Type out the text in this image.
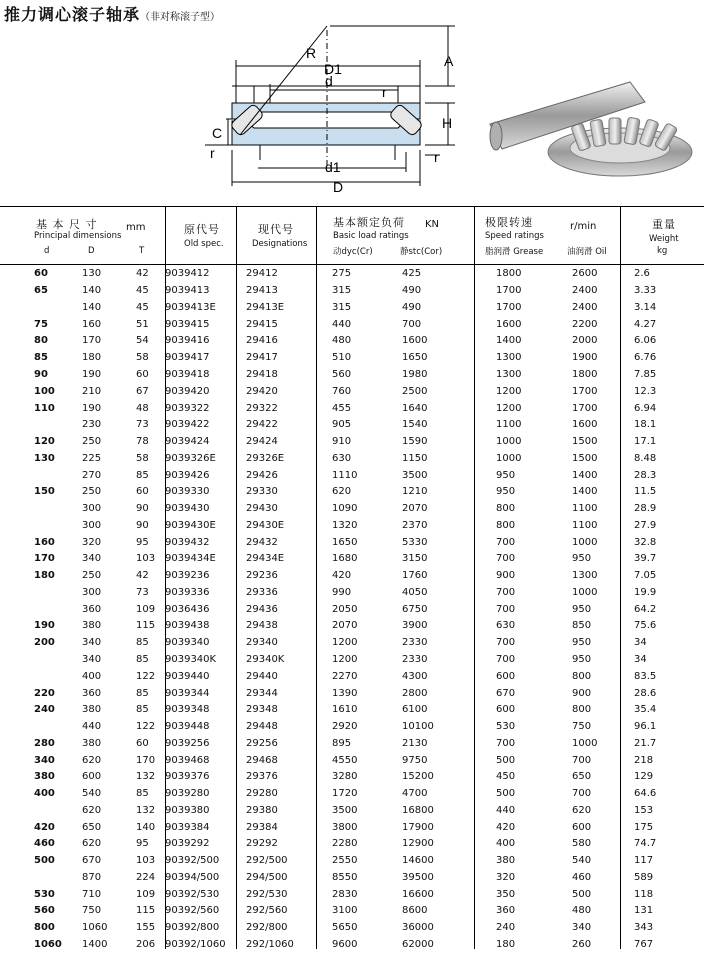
推力调心滚子轴承（非对称滚子型）
R
D1
d
r
A
H
C
r
d1
r
D
基 本 尺 寸	mm
Principal dimensions
d	D	T
原代号
Old spec.
现代号
Designations
基本额定负荷 KN
Basic load ratings
动dyc(Cr)	静stc(Cor)
极限转速	r/min
Speed ratings
脂润滑 Grease	油润滑 Oil
重量
Weight
kg
60	130	42	9039412	29412	275	425	1800	2600	2.6
65	140	45	9039413	29413	315	490	1700	2400	3.33
	140	45	9039413E	29413E	315	490	1700	2400	3.14
75	160	51	9039415	29415	440	700	1600	2200	4.27
80	170	54	9039416	29416	480	1600	1400	2000	6.06
85	180	58	9039417	29417	510	1650	1300	1900	6.76
90	190	60	9039418	29418	560	1980	1300	1800	7.85
100	210	67	9039420	29420	760	2500	1200	1700	12.3
110	190	48	9039322	29322	455	1640	1200	1700	6.94
	230	73	9039422	29422	905	1540	1100	1600	18.1
120	250	78	9039424	29424	910	1590	1000	1500	17.1
130	225	58	9039326E	29326E	630	1150	1000	1500	8.48
	270	85	9039426	29426	1110	3500	950	1400	28.3
150	250	60	9039330	29330	620	1210	950	1400	11.5
	300	90	9039430	29430	1090	2070	800	1100	28.9
	300	90	9039430E	29430E	1320	2370	800	1100	27.9
160	320	95	9039432	29432	1650	5330	700	1000	32.8
170	340	103	9039434E	29434E	1680	3150	700	950	39.7
180	250	42	9039236	29236	420	1760	900	1300	7.05
	300	73	9039336	29336	990	4050	700	1000	19.9
	360	109	9036436	29436	2050	6750	700	950	64.2
190	380	115	9039438	29438	2070	3900	630	850	75.6
200	340	85	9039340	29340	1200	2330	700	950	34
	340	85	9039340K	29340K	1200	2330	700	950	34
	400	122	9039440	29440	2270	4300	600	800	83.5
220	360	85	9039344	29344	1390	2800	670	900	28.6
240	380	85	9039348	29348	1610	6100	600	800	35.4
	440	122	9039448	29448	2920	10100	530	750	96.1
280	380	60	9039256	29256	895	2130	700	1000	21.7
340	620	170	9039468	29468	4550	9750	500	700	218
380	600	132	9039376	29376	3280	15200	450	650	129
400	540	85	9039280	29280	1720	4700	500	700	64.6
	620	132	9039380	29380	3500	16800	440	620	153
420	650	140	9039384	29384	3800	17900	420	600	175
460	620	95	9039292	29292	2280	12900	400	580	74.7
500	670	103	90392/500	292/500	2550	14600	380	540	117
	870	224	90394/500	294/500	8550	39500	320	460	589
530	710	109	90392/530	292/530	2830	16600	350	500	118
560	750	115	90392/560	292/560	3100	8600	360	480	131
800	1060	155	90392/800	292/800	5650	36000	240	340	343
1060	1400	206	90392/1060	292/1060	9600	62000	180	260	767
